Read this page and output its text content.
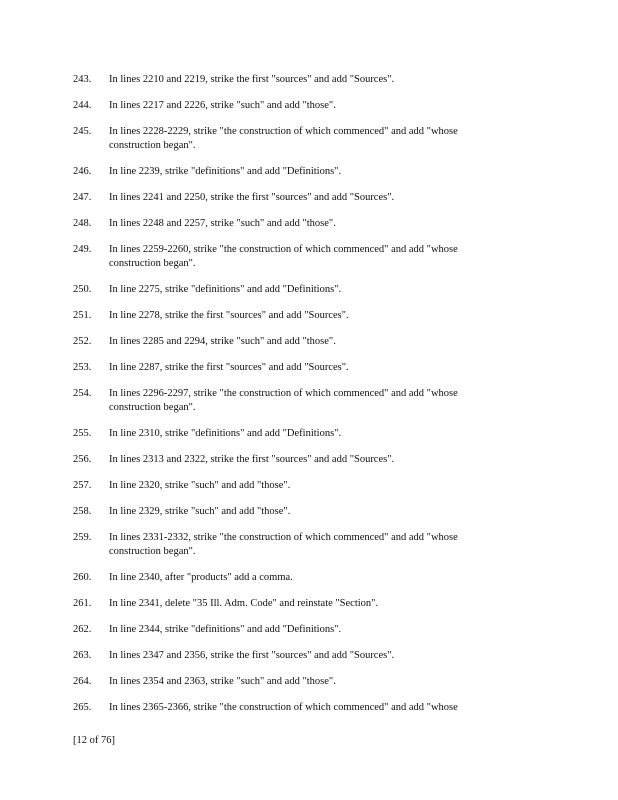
243.	In lines 2210 and 2219, strike the first "sources" and add "Sources".
244.	In lines 2217 and 2226, strike "such" and add "those".
245.	In lines 2228-2229, strike "the construction of which commenced" and add "whose
construction began".
246.	In line 2239, strike "definitions" and add "Definitions".
247.	In lines 2241 and 2250, strike the first "sources" and add "Sources".
248.	In lines 2248 and 2257, strike "such" and add "those".
249.	In lines 2259-2260, strike "the construction of which commenced" and add "whose
construction began".
250.	In line 2275, strike "definitions" and add "Definitions".
251.	In line 2278, strike the first "sources" and add "Sources".
252.	In lines 2285 and 2294, strike "such" and add "those".
253.	In line 2287, strike the first "sources" and add "Sources".
254.	In lines 2296-2297, strike "the construction of which commenced" and add "whose
construction began".
255.	In line 2310, strike "definitions" and add "Definitions".
256.	In lines 2313 and 2322, strike the first "sources" and add "Sources".
257.	In line 2320, strike "such" and add "those".
258.	In line 2329, strike "such" and add "those".
259.	In lines 2331-2332, strike "the construction of which commenced" and add "whose
construction began".
260.	In line 2340, after "products" add a comma.
261.	In line 2341, delete "35 Ill. Adm. Code" and reinstate "Section".
262.	In line 2344, strike "definitions" and add "Definitions".
263.	In lines 2347 and 2356, strike the first "sources" and add "Sources".
264.	In lines 2354 and 2363, strike "such" and add "those".
265.	In lines 2365-2366, strike "the construction of which commenced" and add "whose
[12 of 76]
